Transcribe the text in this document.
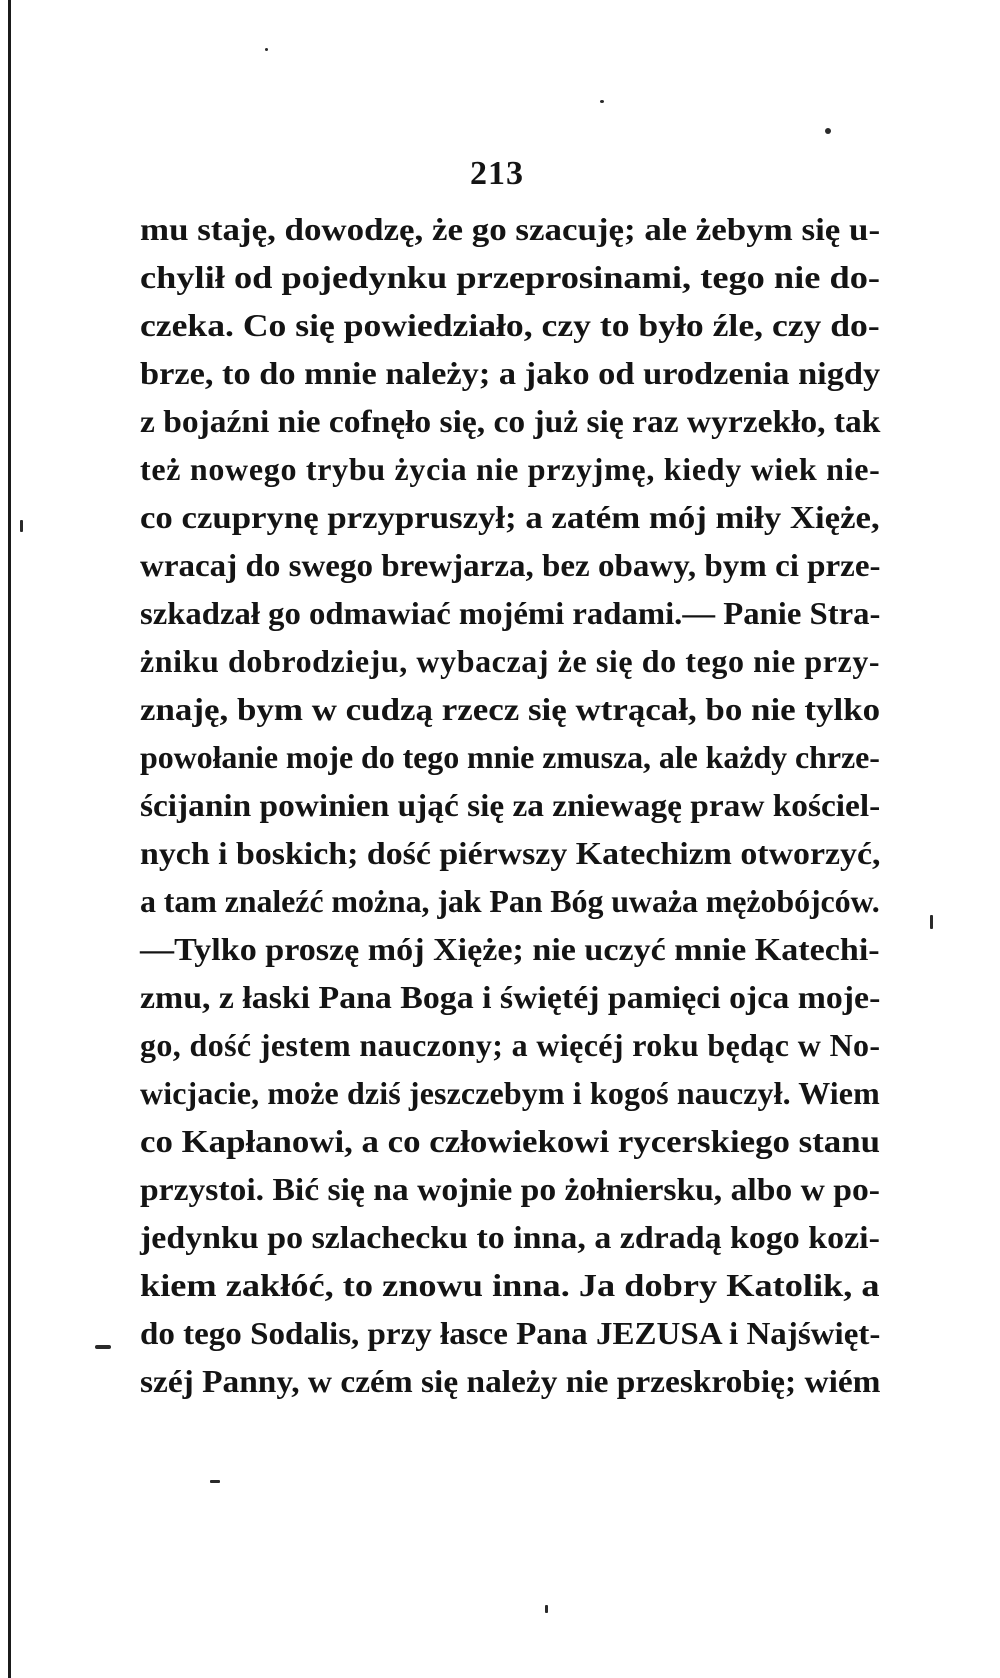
213
mu staję, dowodzę, że go szacuję; ale żebym się u-
chylił od pojedynku przeprosinami, tego nie do-
czeka. Co się powiedziało, czy to było źle, czy do-
brze, to do mnie należy; a jako od urodzenia nigdy
z bojaźni nie cofnęło się, co już się raz wyrzekło, tak
też nowego trybu życia nie przyjmę, kiedy wiek nie-
co czuprynę przypruszył; a zatém mój miły Xięże,
wracaj do swego brewjarza, bez obawy, bym ci prze-
szkadzał go odmawiać mojémi radami.— Panie Stra-
żniku dobrodzieju, wybaczaj że się do tego nie przy-
znaję, bym w cudzą rzecz się wtrącał, bo nie tylko
powołanie moje do tego mnie zmusza, ale każdy chrze-
ścijanin powinien ująć się za zniewagę praw kościel-
nych i boskich; dość piérwszy Katechizm otworzyć,
a tam znaleźć można, jak Pan Bóg uważa mężobójców.
—Tylko proszę mój Xięże; nie uczyć mnie Katechi-
zmu, z łaski Pana Boga i świętéj pamięci ojca moje-
go, dość jestem nauczony; a więcéj roku będąc w No-
wicjacie, może dziś jeszczebym i kogoś nauczył. Wiem
co Kapłanowi, a co człowiekowi rycerskiego stanu
przystoi. Bić się na wojnie po żołniersku, albo w po-
jedynku po szlachecku to inna, a zdradą kogo kozi-
kiem zakłóć, to znowu inna. Ja dobry Katolik, a
do tego Sodalis, przy łasce Pana JEZUSA i Najświęt-
széj Panny, w czém się należy nie przeskrobię; wiém
